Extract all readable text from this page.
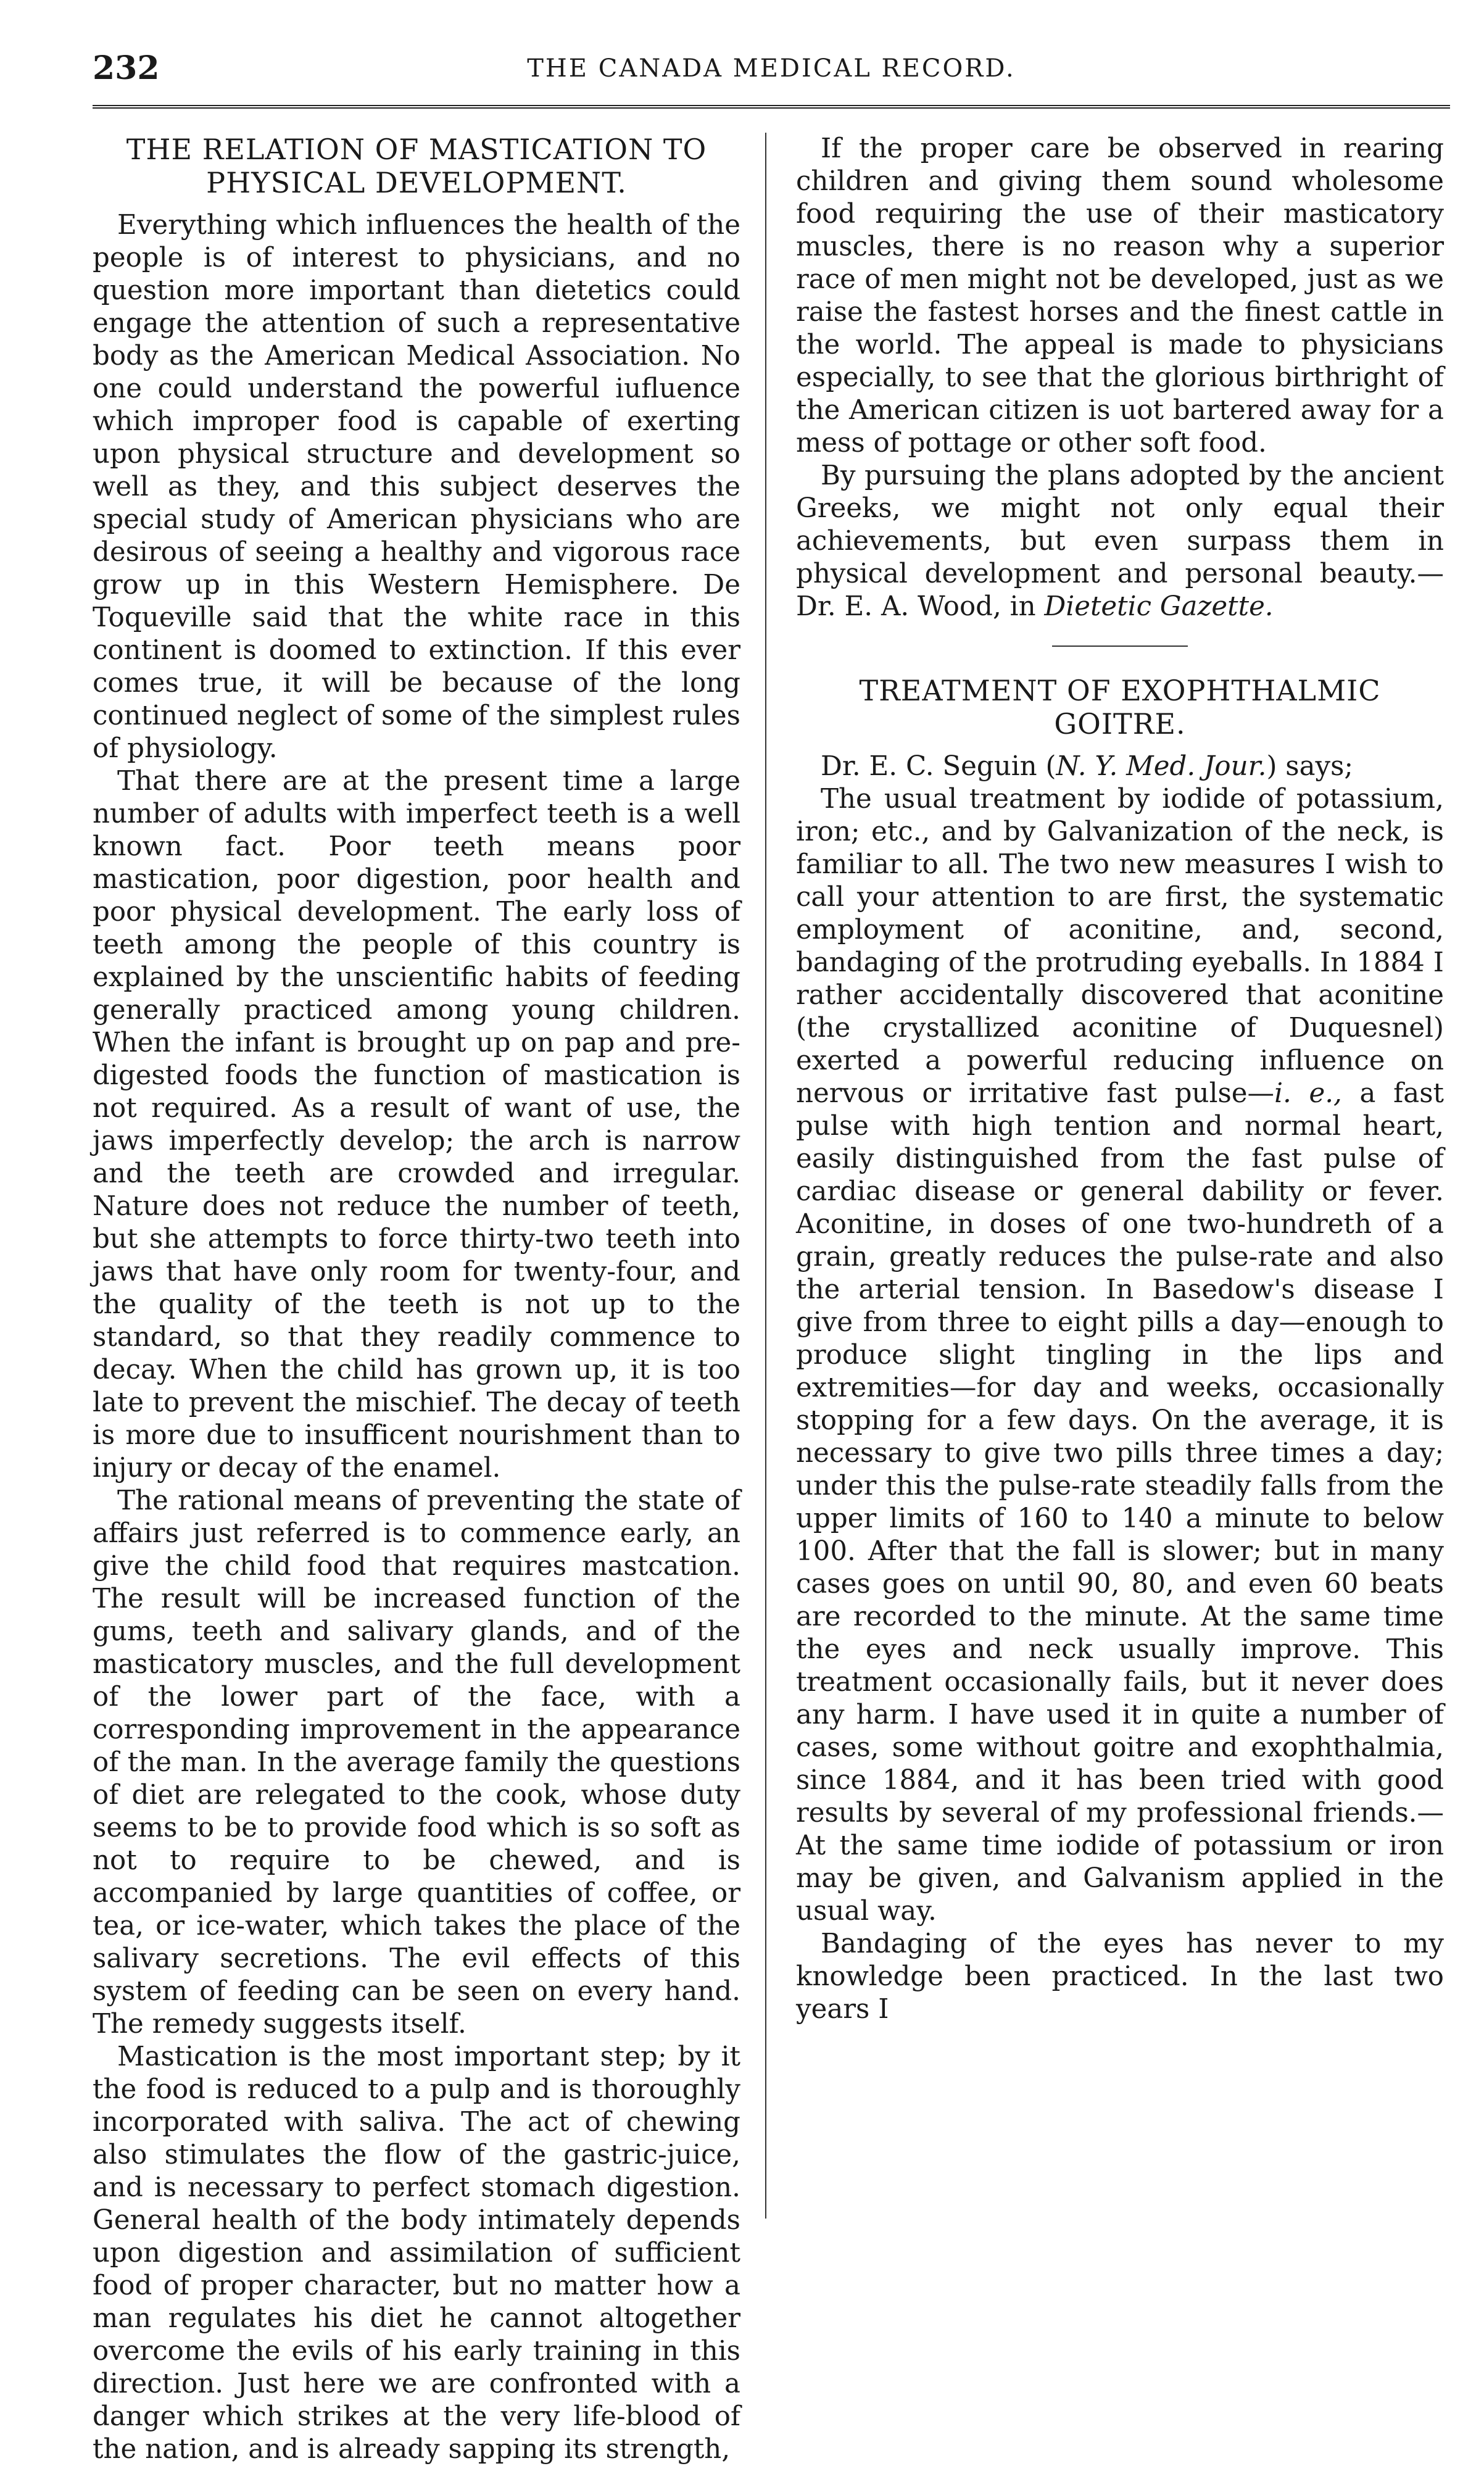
232	THE CANADA MEDICAL RECORD.
THE RELATION OF MASTICATION TO PHYSICAL DEVELOPMENT.

Everything which influences the health of the people is of interest to physicians, and no question more important than dietetics could engage the attention of such a representative body as the American Medical Association. No one could understand the powerful iufluence which improper food is capable of exerting upon physical structure and development so well as they, and this subject deserves the special study of American physicians who are desirous of seeing a healthy and vigorous race grow up in this Western Hemisphere. De Toqueville said that the white race in this continent is doomed to extinction. If this ever comes true, it will be because of the long continued neglect of some of the simplest rules of physiology.

That there are at the present time a large number of adults with imperfect teeth is a well known fact. Poor teeth means poor mastication, poor digestion, poor health and poor physical development. The early loss of teeth among the people of this country is explained by the unscientific habits of feeding generally practiced among young children. When the infant is brought up on pap and pre-digested foods the function of mastication is not required. As a result of want of use, the jaws imperfectly develop; the arch is narrow and the teeth are crowded and irregular. Nature does not reduce the number of teeth, but she attempts to force thirty-two teeth into jaws that have only room for twenty-four, and the quality of the teeth is not up to the standard, so that they readily commence to decay. When the child has grown up, it is too late to prevent the mischief. The decay of teeth is more due to insufficent nourishment than to injury or decay of the enamel.

The rational means of preventing the state of affairs just referred is to commence early, an give the child food that requires mastcation. The result will be increased function of the gums, teeth and salivary glands, and of the masticatory muscles, and the full development of the lower part of the face, with a corresponding improvement in the appearance of the man. In the average family the questions of diet are relegated to the cook, whose duty seems to be to provide food which is so soft as not to require to be chewed, and is accompanied by large quantities of coffee, or tea, or ice-water, which takes the place of the salivary secretions. The evil effects of this system of feeding can be seen on every hand. The remedy suggests itself.

Mastication is the most important step; by it the food is reduced to a pulp and is thoroughly incorporated with saliva. The act of chewing also stimulates the flow of the gastric-juice, and is necessary to perfect stomach digestion. General health of the body intimately depends upon digestion and assimilation of sufficient food of proper character, but no matter how a man regulates his diet he cannot altogether overcome the evils of his early training in this direction. Just here we are confronted with a danger which strikes at the very life-blood of the nation, and is already sapping its strength,

If the proper care be observed in rearing children and giving them sound wholesome food requiring the use of their masticatory muscles, there is no reason why a superior race of men might not be developed, just as we raise the fastest horses and the finest cattle in the world. The appeal is made to physicians especially, to see that the glorious birthright of the American citizen is uot bartered away for a mess of pottage or other soft food.

By pursuing the plans adopted by the ancient Greeks, we might not only equal their achievements, but even surpass them in physical development and personal beauty.—Dr. E. A. Wood, in Dietetic Gazette.

TREATMENT OF EXOPHTHALMIC GOITRE.

Dr. E. C. Seguin (N. Y. Med. Jour.) says;

The usual treatment by iodide of potassium, iron; etc., and by Galvanization of the neck, is familiar to all. The two new measures I wish to call your attention to are first, the systematic employment of aconitine, and, second, bandaging of the protruding eyeballs. In 1884 I rather accidentally discovered that aconitine (the crystallized aconitine of Duquesnel) exerted a powerful reducing influence on nervous or irritative fast pulse—i. e., a fast pulse with high tention and normal heart, easily distinguished from the fast pulse of cardiac disease or general dability or fever. Aconitine, in doses of one two-hundreth of a grain, greatly reduces the pulse-rate and also the arterial tension. In Basedow's disease I give from three to eight pills a day—enough to produce slight tingling in the lips and extremities—for day and weeks, occasionally stopping for a few days. On the average, it is necessary to give two pills three times a day; under this the pulse-rate steadily falls from the upper limits of 160 to 140 a minute to below 100. After that the fall is slower; but in many cases goes on until 90, 80, and even 60 beats are recorded to the minute. At the same time the eyes and neck usually improve. This treatment occasionally fails, but it never does any harm. I have used it in quite a number of cases, some without goitre and exophthalmia, since 1884, and it has been tried with good results by several of my professional friends.— At the same time iodide of potassium or iron may be given, and Galvanism applied in the usual way.

Bandaging of the eyes has never to my knowledge been practiced. In the last two years I
